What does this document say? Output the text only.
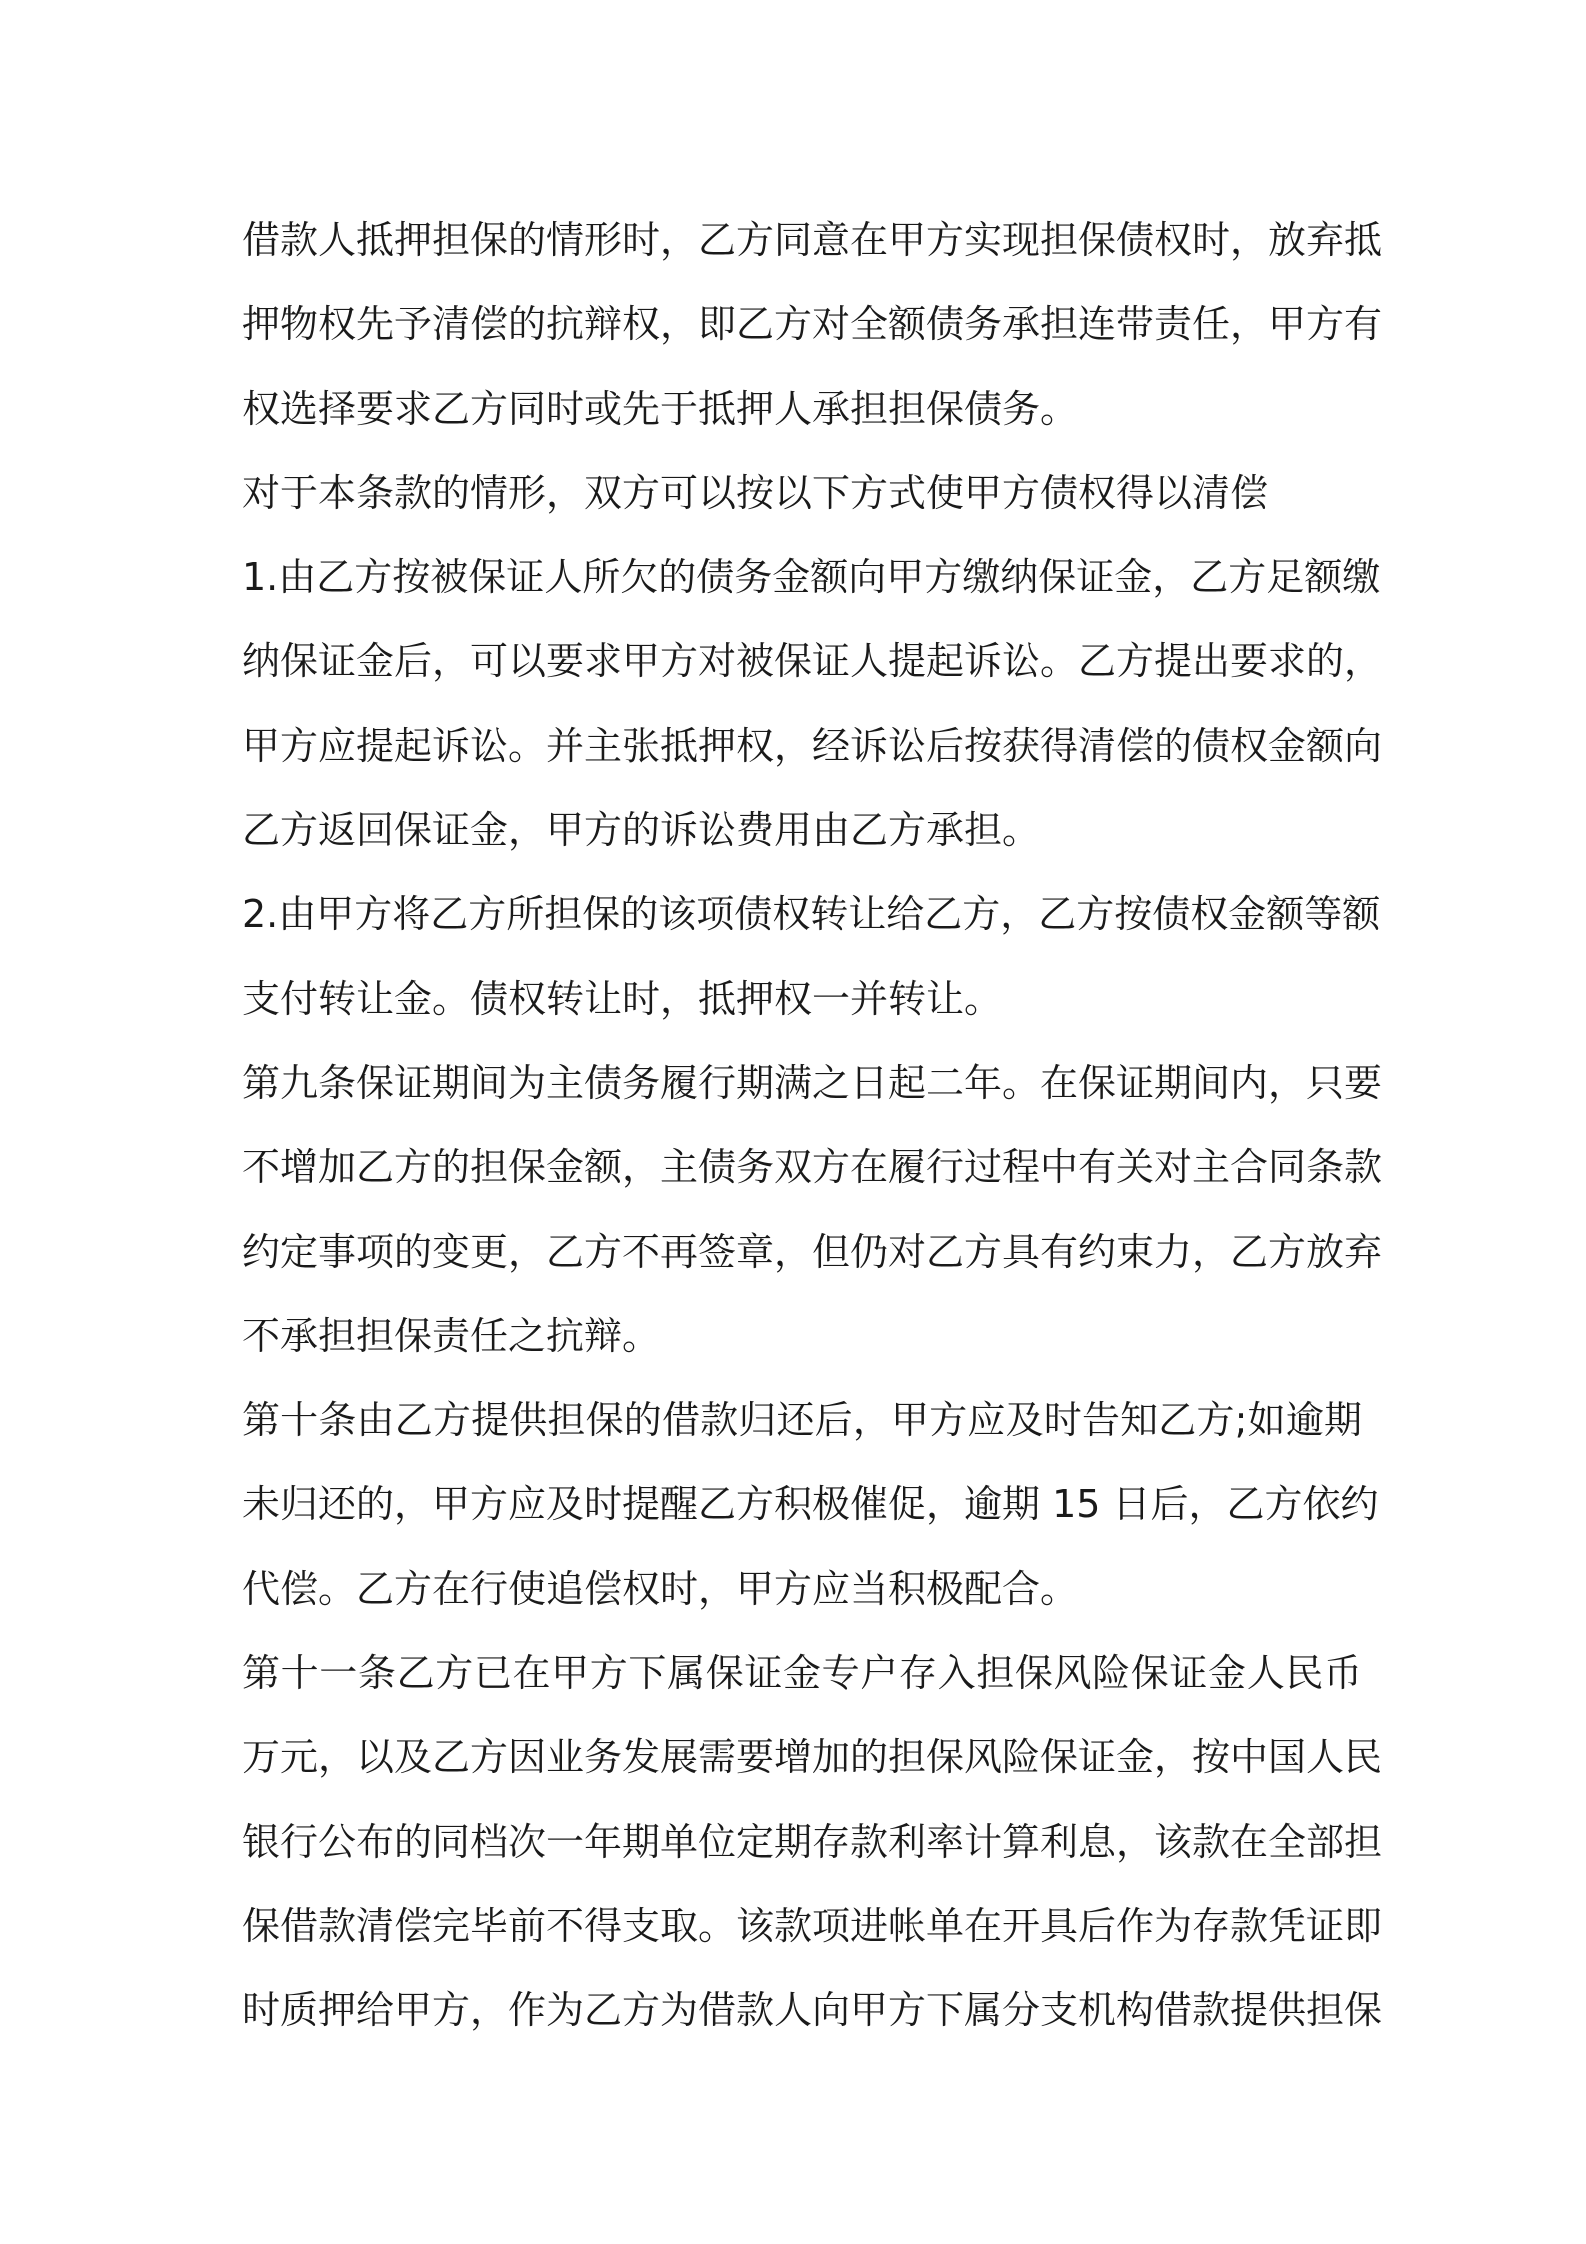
借款人抵押担保的情形时，乙方同意在甲方实现担保债权时，放弃抵
押物权先予清偿的抗辩权，即乙方对全额债务承担连带责任，甲方有
权选择要求乙方同时或先于抵押人承担担保债务。
对于本条款的情形，双方可以按以下方式使甲方债权得以清偿
1.由乙方按被保证人所欠的债务金额向甲方缴纳保证金，乙方足额缴
纳保证金后，可以要求甲方对被保证人提起诉讼。乙方提出要求的，
甲方应提起诉讼。并主张抵押权，经诉讼后按获得清偿的债权金额向
乙方返回保证金，甲方的诉讼费用由乙方承担。
2.由甲方将乙方所担保的该项债权转让给乙方，乙方按债权金额等额
支付转让金。债权转让时，抵押权一并转让。
第九条保证期间为主债务履行期满之日起二年。在保证期间内，只要
不增加乙方的担保金额，主债务双方在履行过程中有关对主合同条款
约定事项的变更，乙方不再签章，但仍对乙方具有约束力，乙方放弃
不承担担保责任之抗辩。
第十条由乙方提供担保的借款归还后，甲方应及时告知乙方;如逾期
未归还的，甲方应及时提醒乙方积极催促，逾期 15 日后，乙方依约
代偿。乙方在行使追偿权时，甲方应当积极配合。
第十一条乙方已在甲方下属保证金专户存入担保风险保证金人民币
万元，以及乙方因业务发展需要增加的担保风险保证金，按中国人民
银行公布的同档次一年期单位定期存款利率计算利息，该款在全部担
保借款清偿完毕前不得支取。该款项进帐单在开具后作为存款凭证即
时质押给甲方，作为乙方为借款人向甲方下属分支机构借款提供担保
